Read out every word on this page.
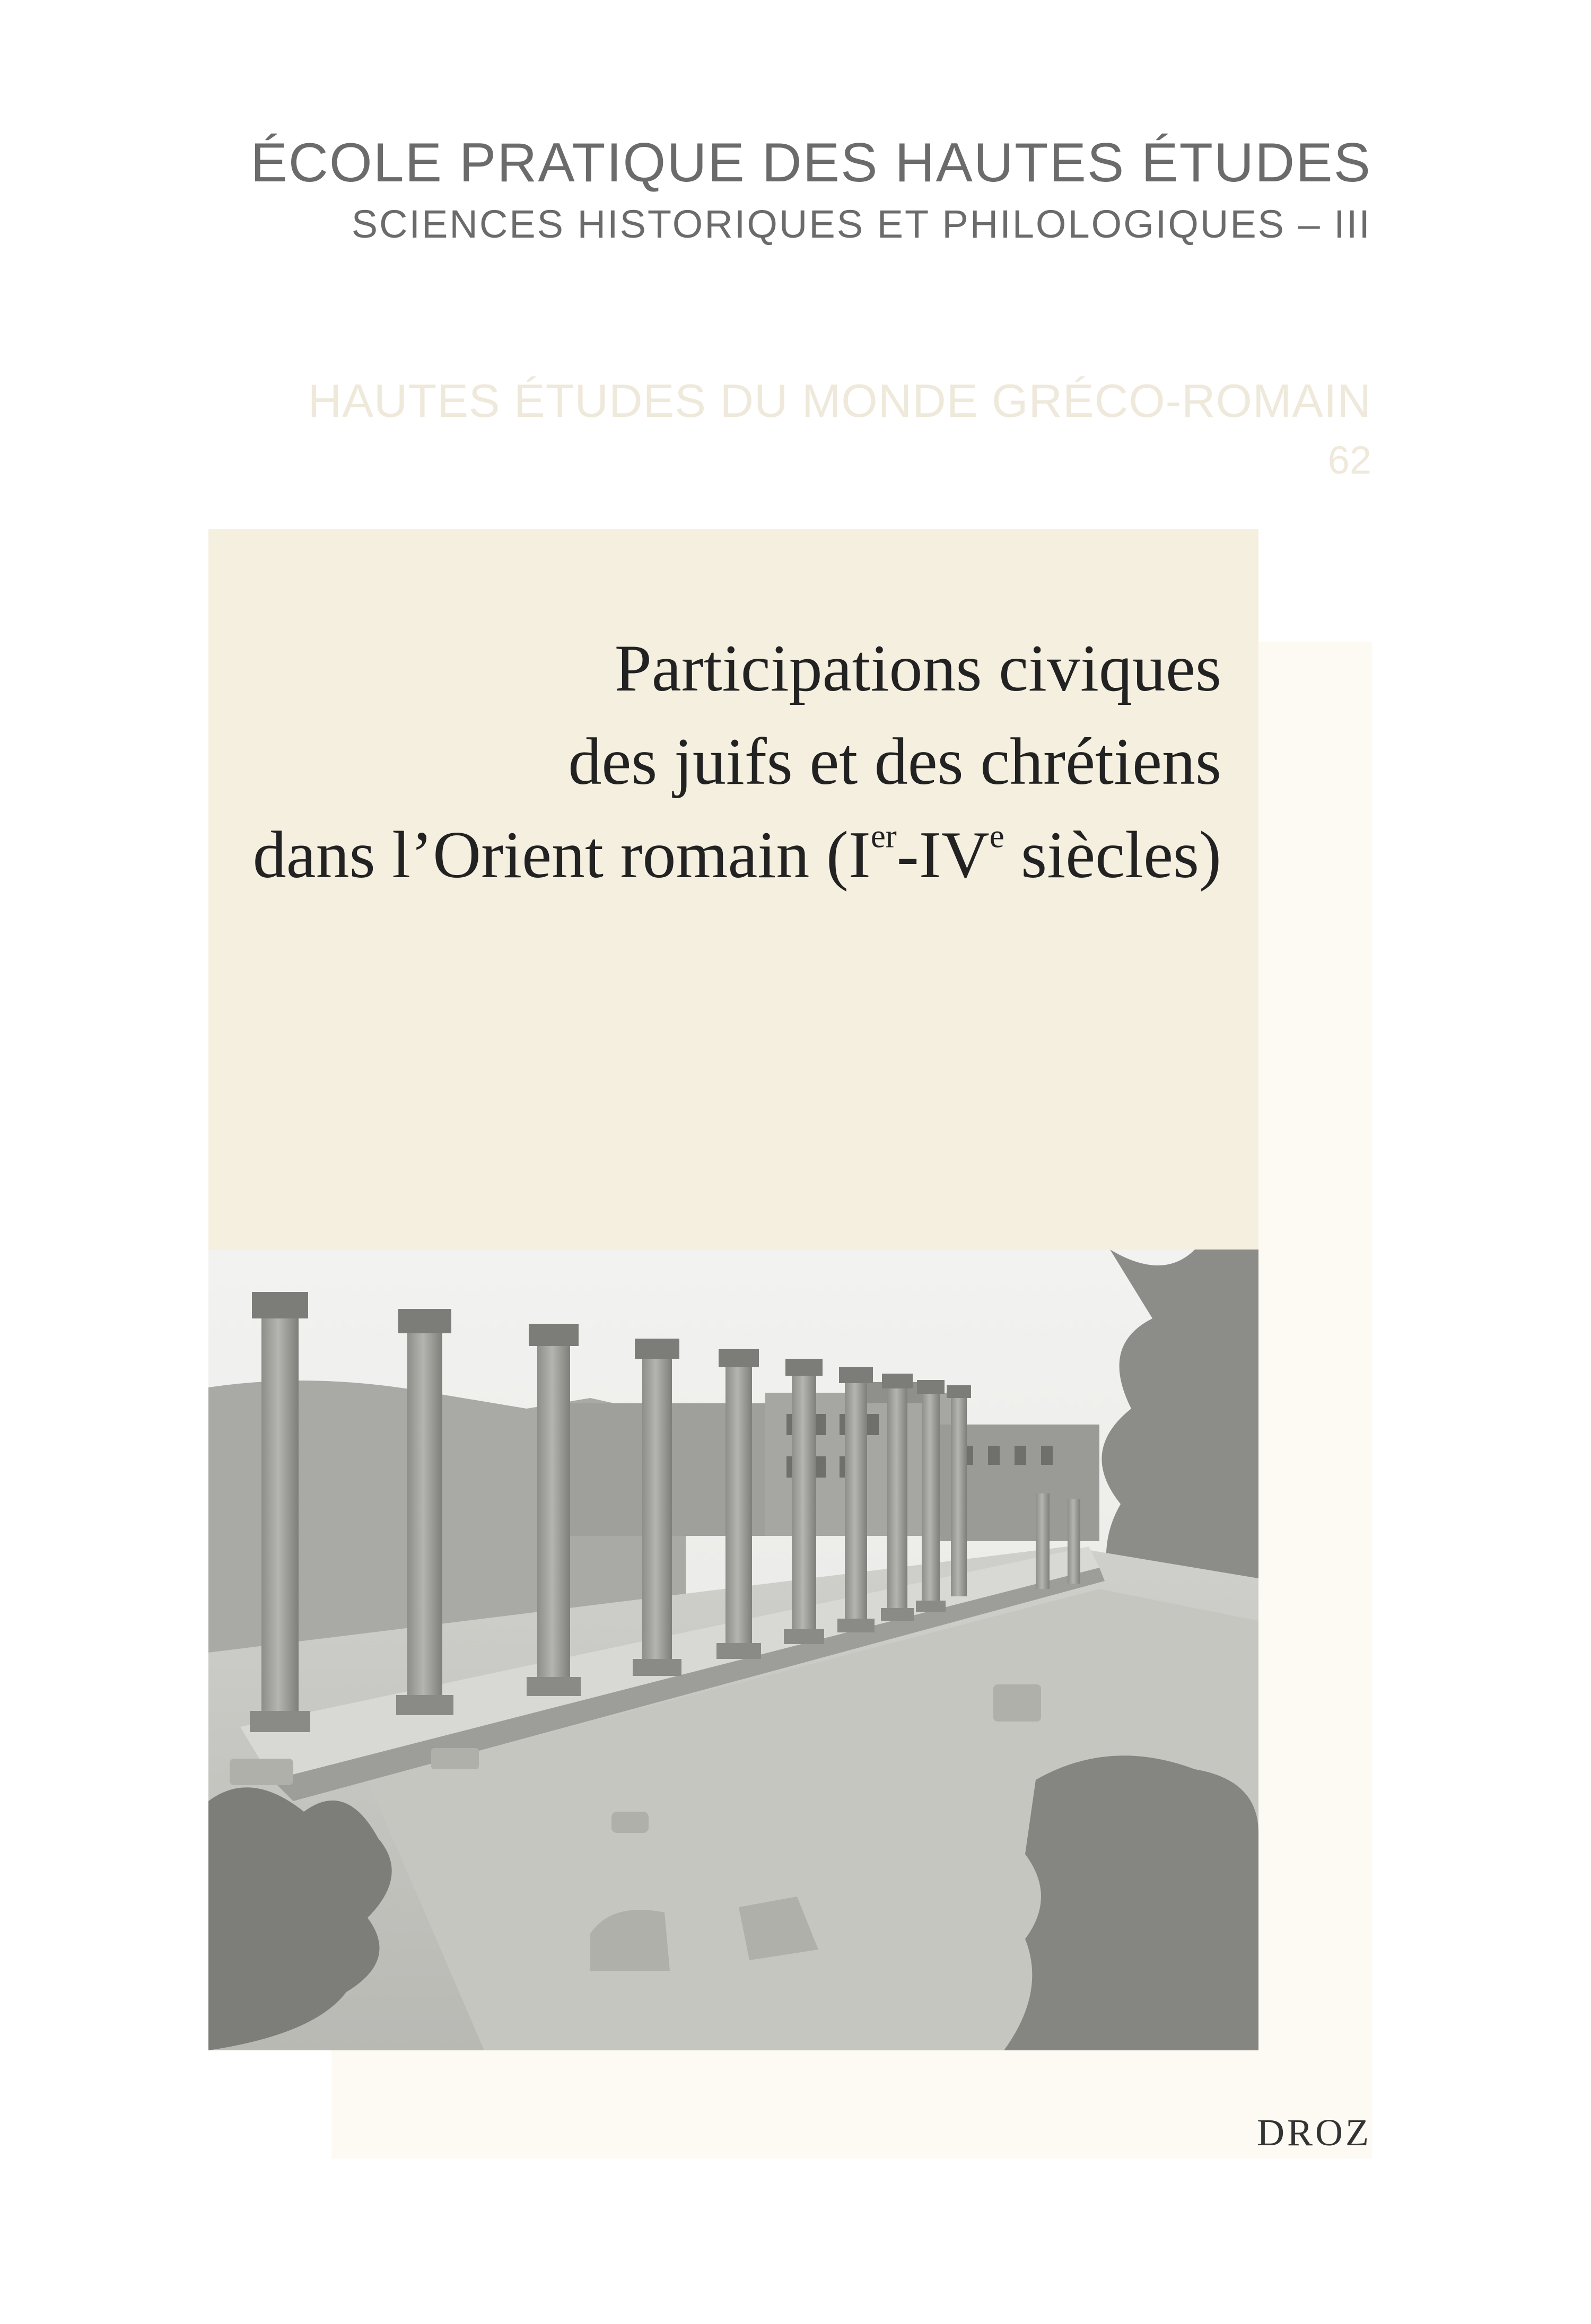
ÉCOLE PRATIQUE DES HAUTES ÉTUDES
SCIENCES HISTORIQUES ET PHILOLOGIQUES – III
HAUTES ÉTUDES DU MONDE GRÉCO-ROMAIN
62
Participations civiques
des juifs et des chrétiens
dans l’Orient romain (Ier-IVe siècles)
DROZ
